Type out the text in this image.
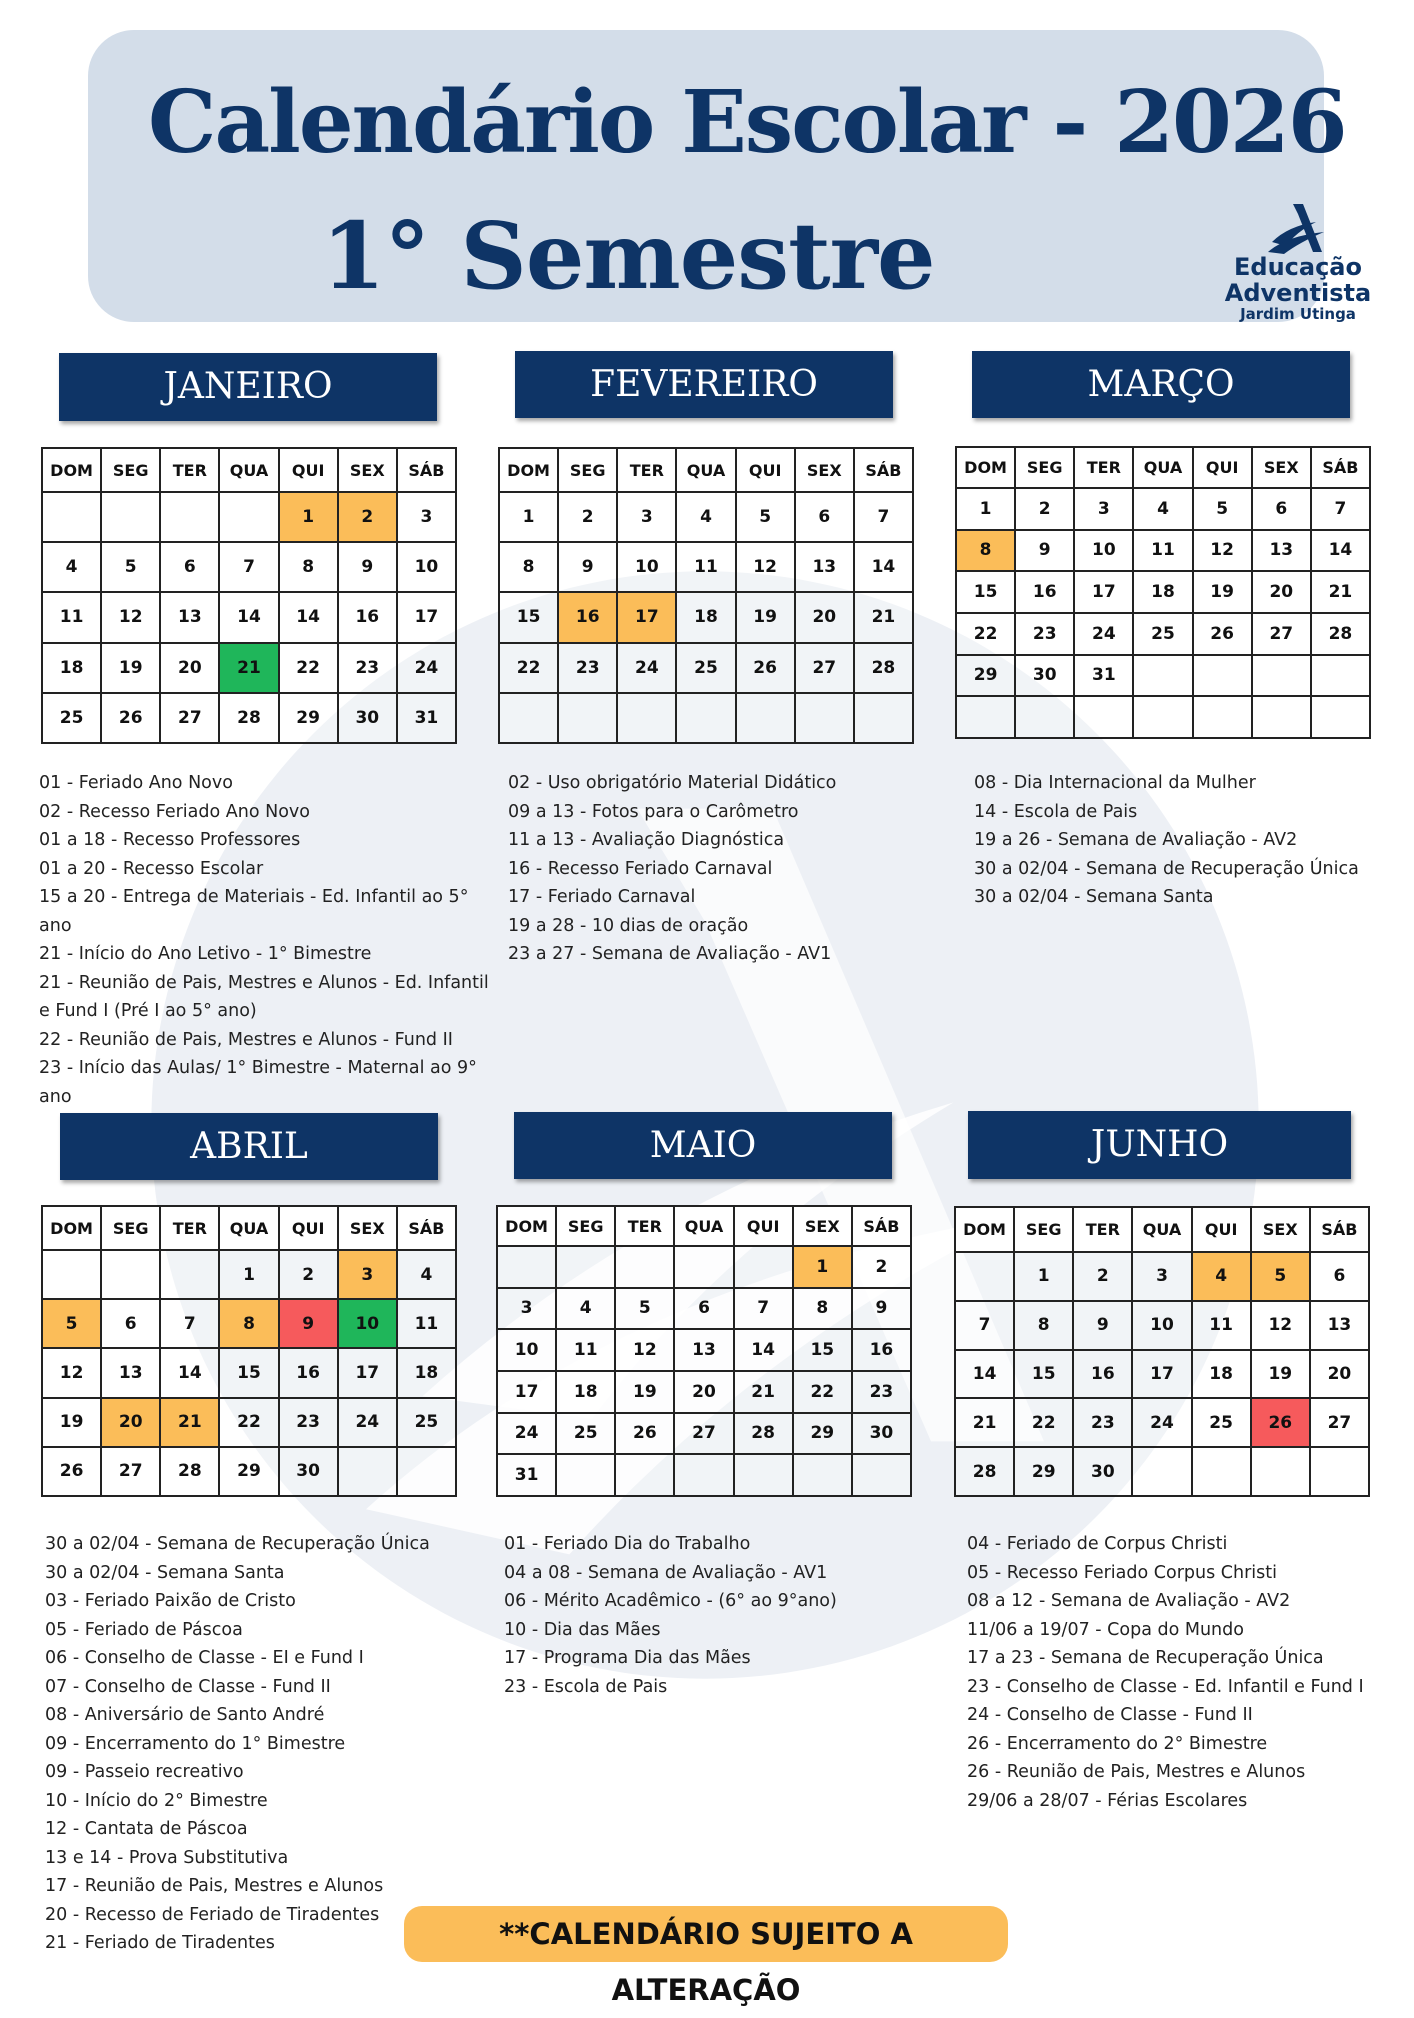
Calendário Escolar - 2026
1° Semestre	Educação
Adventista
Jardim Utinga
JANEIRO
DOM	SEG	TER	QUA	QUI	SEX	SÁB
				1	2	3
4	5	6	7	8	9	10
11	12	13	14	14	16	17
18	19	20	21	22	23	24
25	26	27	28	29	30	31
01 - Feriado Ano Novo
02 - Recesso Feriado Ano Novo
01 a 18 - Recesso Professores
01 a 20 - Recesso Escolar
15 a 20 - Entrega de Materiais - Ed. Infantil ao 5° ano
21 - Início do Ano Letivo - 1° Bimestre
21 - Reunião de Pais, Mestres e Alunos - Ed. Infantil e Fund I (Pré I ao 5° ano)
22 - Reunião de Pais, Mestres e Alunos - Fund II
23 - Início das Aulas/ 1° Bimestre - Maternal ao 9° ano
FEVEREIRO
DOM	SEG	TER	QUA	QUI	SEX	SÁB
1	2	3	4	5	6	7
8	9	10	11	12	13	14
15	16	17	18	19	20	21
22	23	24	25	26	27	28

02 - Uso obrigatório Material Didático
09 a 13 - Fotos para o Carômetro
11 a 13 - Avaliação Diagnóstica
16 - Recesso Feriado Carnaval
17 - Feriado Carnaval
19 a 28 - 10 dias de oração
23 a 27 - Semana de Avaliação - AV1
MARÇO
DOM	SEG	TER	QUA	QUI	SEX	SÁB
1	2	3	4	5	6	7
8	9	10	11	12	13	14
15	16	17	18	19	20	21
22	23	24	25	26	27	28
29	30	31				

08 - Dia Internacional da Mulher
14 - Escola de Pais
19 a 26 - Semana de Avaliação - AV2
30 a 02/04 - Semana de Recuperação Única
30 a 02/04 - Semana Santa
ABRIL
DOM	SEG	TER	QUA	QUI	SEX	SÁB
			1	2	3	4
5	6	7	8	9	10	11
12	13	14	15	16	17	18
19	20	21	22	23	24	25
26	27	28	29	30		
30 a 02/04 - Semana de Recuperação Única
30 a 02/04 - Semana Santa
03 - Feriado Paixão de Cristo
05 - Feriado de Páscoa
06 - Conselho de Classe - EI e Fund I
07 - Conselho de Classe - Fund II
08 - Aniversário de Santo André
09 - Encerramento do 1° Bimestre
09 - Passeio recreativo
10 - Início do 2° Bimestre
12 - Cantata de Páscoa
13 e 14 - Prova Substitutiva
17 - Reunião de Pais, Mestres e Alunos
20 - Recesso de Feriado de Tiradentes
21 - Feriado de Tiradentes
MAIO
DOM	SEG	TER	QUA	QUI	SEX	SÁB
					1	2
3	4	5	6	7	8	9
10	11	12	13	14	15	16
17	18	19	20	21	22	23
24	25	26	27	28	29	30
31						
01 - Feriado Dia do Trabalho
04 a 08 - Semana de Avaliação - AV1
06 - Mérito Acadêmico - (6° ao 9°ano)
10 - Dia das Mães
17 - Programa Dia das Mães
23 - Escola de Pais
JUNHO
DOM	SEG	TER	QUA	QUI	SEX	SÁB
	1	2	3	4	5	6
7	8	9	10	11	12	13
14	15	16	17	18	19	20
21	22	23	24	25	26	27
28	29	30				
04 - Feriado de Corpus Christi
05 - Recesso Feriado Corpus Christi
08 a 12 - Semana de Avaliação - AV2
11/06 a 19/07 - Copa do Mundo
17 a 23 - Semana de Recuperação Única
23 - Conselho de Classe - Ed. Infantil e Fund I
24 - Conselho de Classe - Fund II
26 - Encerramento do 2° Bimestre
26 - Reunião de Pais, Mestres e Alunos
29/06 a 28/07 - Férias Escolares
**CALENDÁRIO SUJEITO A ALTERAÇÃO
